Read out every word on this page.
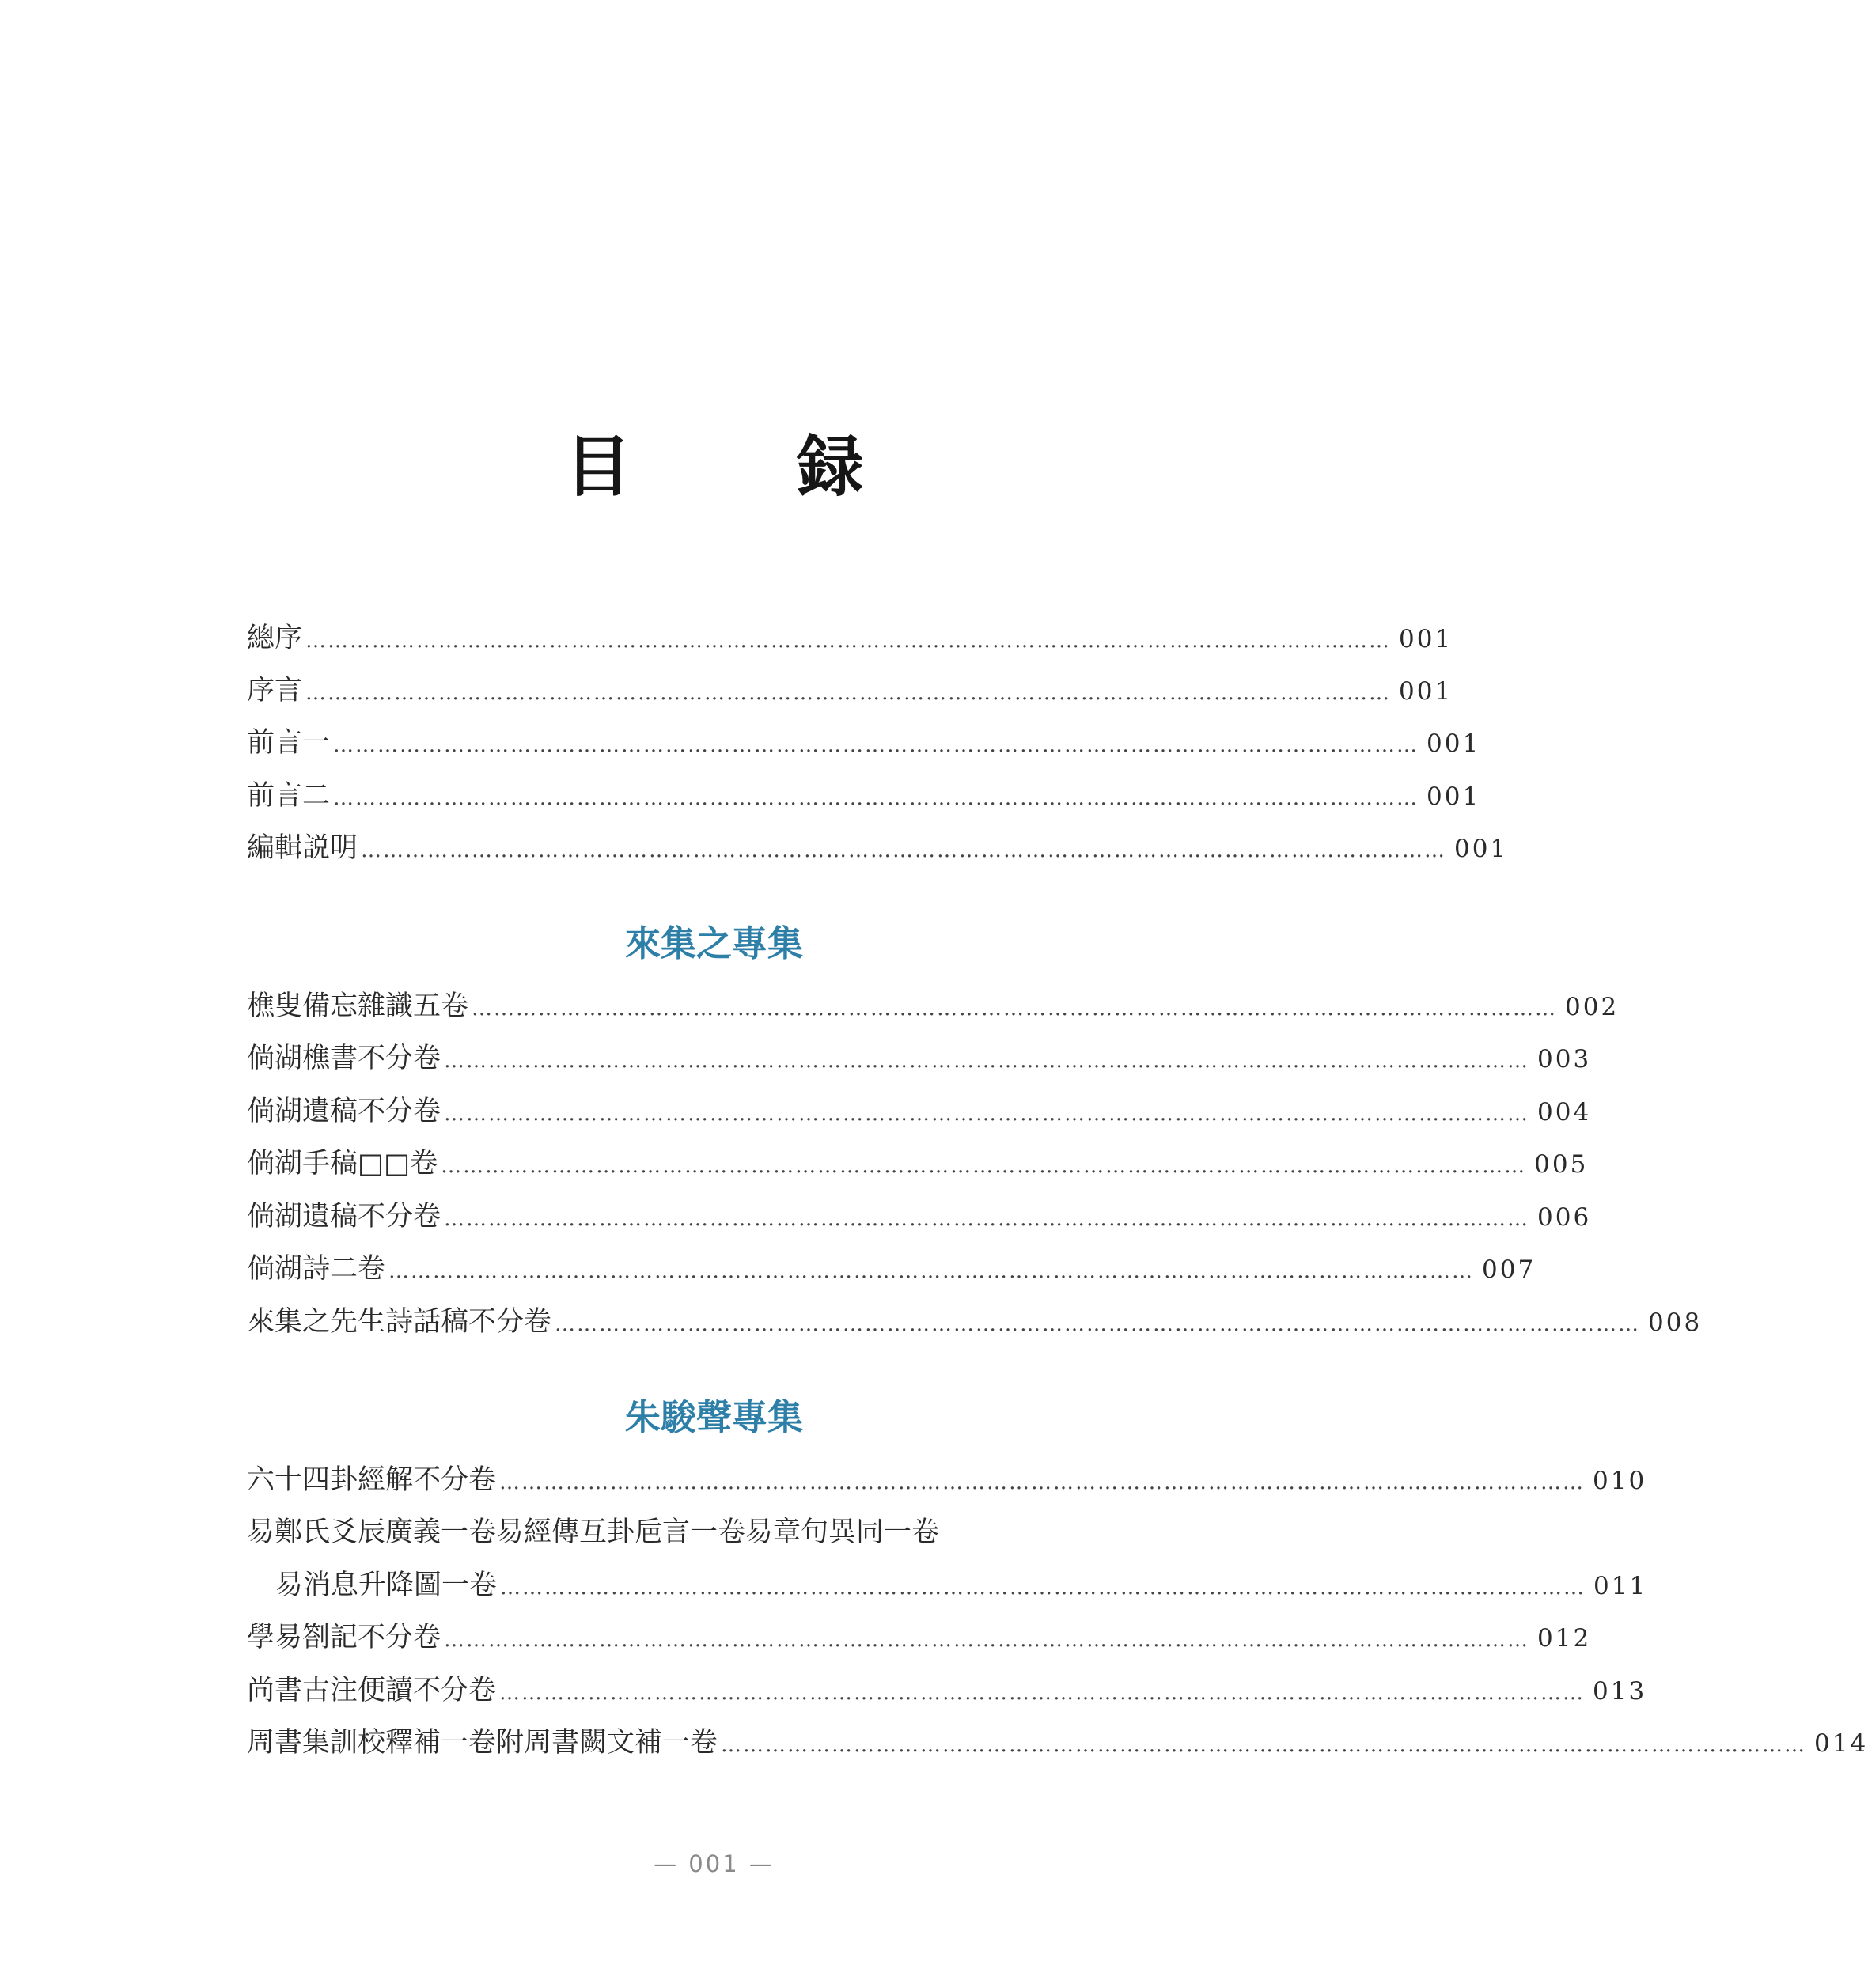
目 録
總序 ………………………………………………………………………………………………………………………………… 001
序言 ………………………………………………………………………………………………………………………………… 001
前言一 ………………………………………………………………………………………………………………………………… 001
前言二 ………………………………………………………………………………………………………………………………… 001
編輯説明 ………………………………………………………………………………………………………………………………… 001
來集之專集
樵叟備忘雜識五卷 ………………………………………………………………………………………………………………………………… 002
倘湖樵書不分卷 ………………………………………………………………………………………………………………………………… 003
倘湖遺稿不分卷 ………………………………………………………………………………………………………………………………… 004
倘湖手稿□□卷 ………………………………………………………………………………………………………………………………… 005
倘湖遺稿不分卷 ………………………………………………………………………………………………………………………………… 006
倘湖詩二卷 ………………………………………………………………………………………………………………………………… 007
來集之先生詩話稿不分卷 ………………………………………………………………………………………………………………………………… 008
朱駿聲專集
六十四卦經解不分卷 ………………………………………………………………………………………………………………………………… 010
易鄭氏爻辰廣義一卷易經傳互卦巵言一卷易章句異同一卷
易消息升降圖一卷 ………………………………………………………………………………………………………………………………… 011
學易劄記不分卷 ………………………………………………………………………………………………………………………………… 012
尚書古注便讀不分卷 ………………………………………………………………………………………………………………………………… 013
周書集訓校釋補一卷附周書闕文補一卷 ………………………………………………………………………………………………………………………………… 014
— 001 —
